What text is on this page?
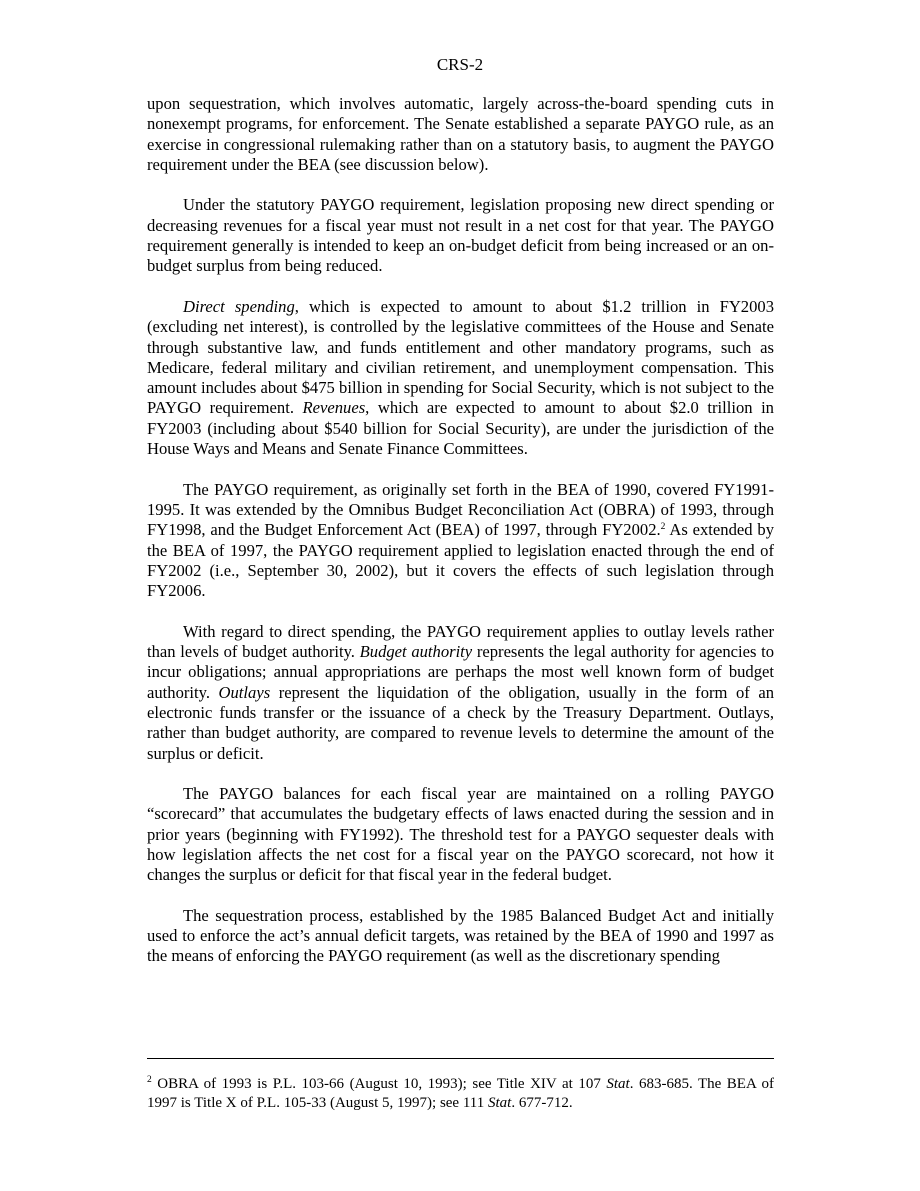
CRS-2

upon sequestration, which involves automatic, largely across-the-board spending cuts in nonexempt programs, for enforcement. The Senate established a separate PAYGO rule, as an exercise in congressional rulemaking rather than on a statutory basis, to augment the PAYGO requirement under the BEA (see discussion below).

Under the statutory PAYGO requirement, legislation proposing new direct spending or decreasing revenues for a fiscal year must not result in a net cost for that year. The PAYGO requirement generally is intended to keep an on-budget deficit from being increased or an on-budget surplus from being reduced.

Direct spending, which is expected to amount to about $1.2 trillion in FY2003 (excluding net interest), is controlled by the legislative committees of the House and Senate through substantive law, and funds entitlement and other mandatory programs, such as Medicare, federal military and civilian retirement, and unemployment compensation. This amount includes about $475 billion in spending for Social Security, which is not subject to the PAYGO requirement. Revenues, which are expected to amount to about $2.0 trillion in FY2003 (including about $540 billion for Social Security), are under the jurisdiction of the House Ways and Means and Senate Finance Committees.

The PAYGO requirement, as originally set forth in the BEA of 1990, covered FY1991-1995. It was extended by the Omnibus Budget Reconciliation Act (OBRA) of 1993, through FY1998, and the Budget Enforcement Act (BEA) of 1997, through FY2002.$^2$ As extended by the BEA of 1997, the PAYGO requirement applied to legislation enacted through the end of FY2002 (i.e., September 30, 2002), but it covers the effects of such legislation through FY2006.

With regard to direct spending, the PAYGO requirement applies to outlay levels rather than levels of budget authority. Budget authority represents the legal authority for agencies to incur obligations; annual appropriations are perhaps the most well known form of budget authority. Outlays represent the liquidation of the obligation, usually in the form of an electronic funds transfer or the issuance of a check by the Treasury Department. Outlays, rather than budget authority, are compared to revenue levels to determine the amount of the surplus or deficit.

The PAYGO balances for each fiscal year are maintained on a rolling PAYGO “scorecard” that accumulates the budgetary effects of laws enacted during the session and in prior years (beginning with FY1992). The threshold test for a PAYGO sequester deals with how legislation affects the net cost for a fiscal year on the PAYGO scorecard, not how it changes the surplus or deficit for that fiscal year in the federal budget.

The sequestration process, established by the 1985 Balanced Budget Act and initially used to enforce the act’s annual deficit targets, was retained by the BEA of 1990 and 1997 as the means of enforcing the PAYGO requirement (as well as the discretionary spending

$^2$ OBRA of 1993 is P.L. 103-66 (August 10, 1993); see Title XIV at 107 Stat. 683-685. The BEA of 1997 is Title X of P.L. 105-33 (August 5, 1997); see 111 Stat. 677-712.
